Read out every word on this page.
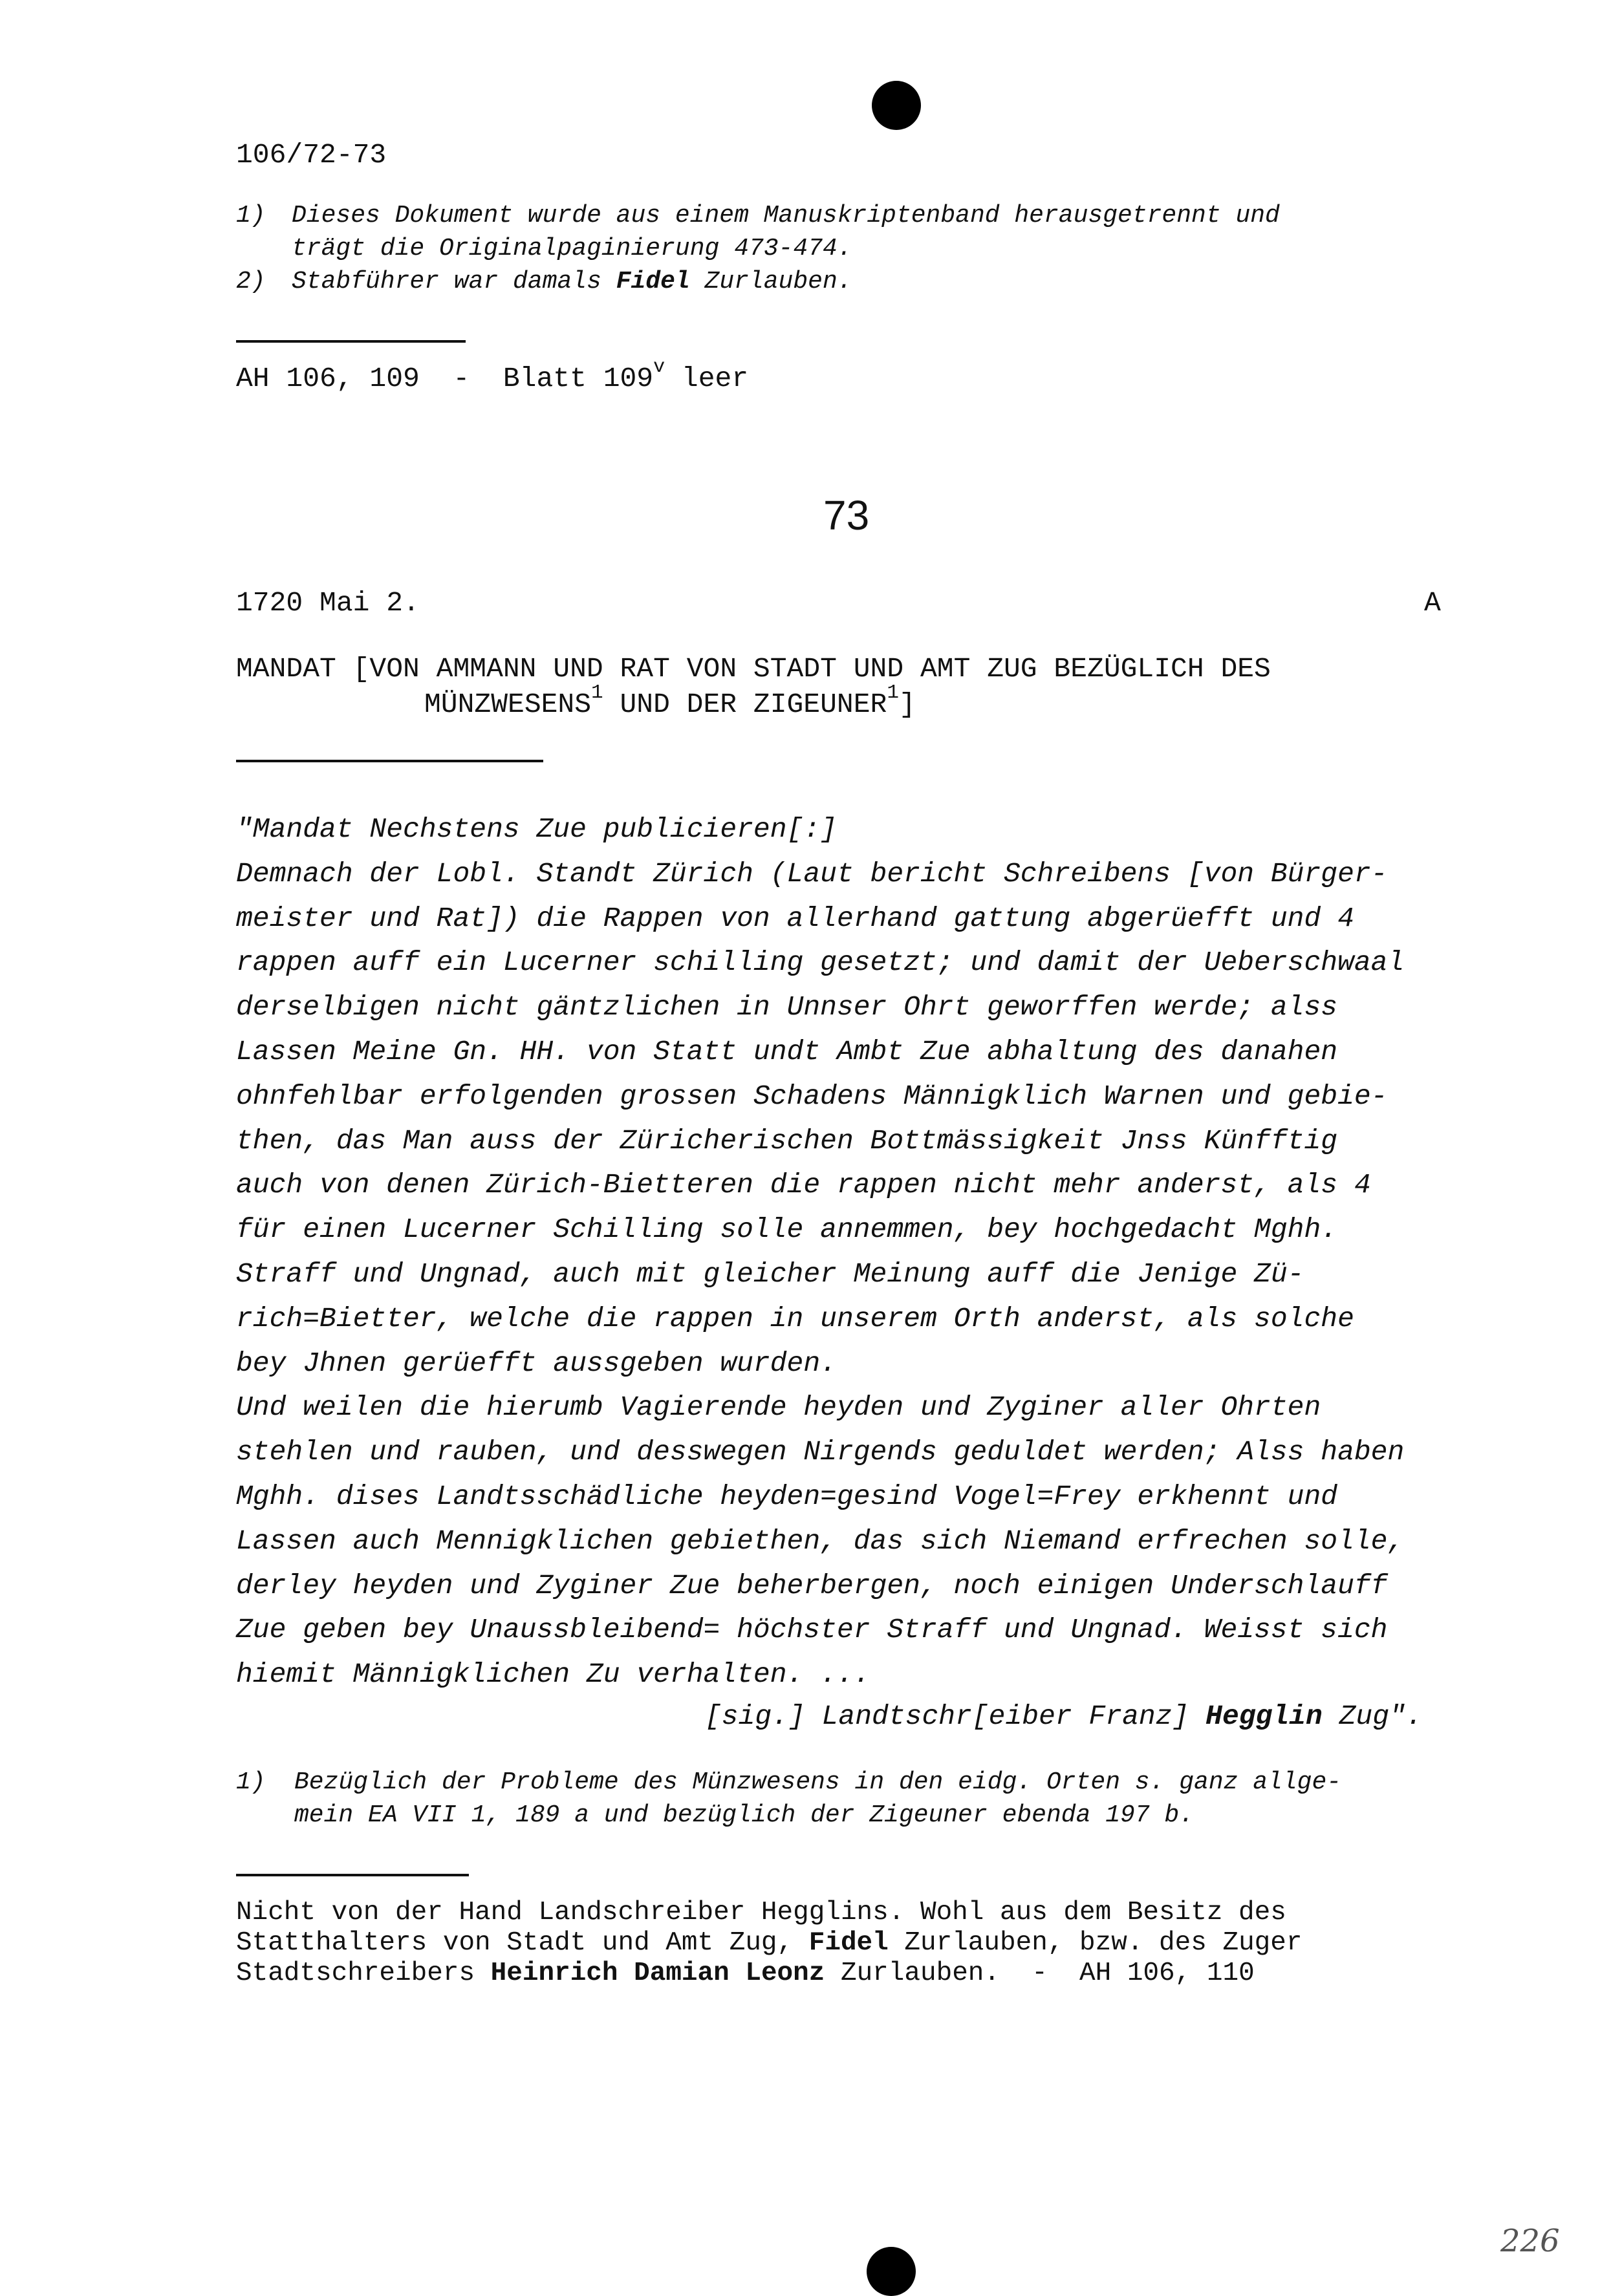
106/72-73
1) Dieses Dokument wurde aus einem Manuskriptenband herausgetrennt und
trägt die Originalpaginierung 473-474.
2) Stabführer war damals Fidel Zurlauben.
AH 106, 109  -  Blatt 109$^v$ leer
73
1720 Mai 2.	A
MANDAT [VON AMMANN UND RAT VON STADT UND AMT ZUG BEZÜGLICH DES
MÜNZWESENS$^1$ UND DER ZIGEUNER$^1$]
"Mandat Nechstens Zue publicieren[:]
Demnach der Lobl. Standt Zürich (Laut bericht Schreibens [von Bürger-
meister und Rat]) die Rappen von allerhand gattung abgerüefft und 4
rappen auff ein Lucerner schilling gesetzt; und damit der Ueberschwaal
derselbigen nicht gäntzlichen in Unnser Ohrt geworffen werde; alss
Lassen Meine Gn. HH. von Statt undt Ambt Zue abhaltung des danahen
ohnfehlbar erfolgenden grossen Schadens Männigklich Warnen und gebie-
then, das Man auss der Züricherischen Bottmässigkeit Jnss Künfftig
auch von denen Zürich-Bietteren die rappen nicht mehr anderst, als 4
für einen Lucerner Schilling solle annemmen, bey hochgedacht Mghh.
Straff und Ungnad, auch mit gleicher Meinung auff die Jenige Zü-
rich=Bietter, welche die rappen in unserem Orth anderst, als solche
bey Jhnen gerüefft aussgeben wurden.
Und weilen die hierumb Vagierende heyden und Zyginer aller Ohrten
stehlen und rauben, und desswegen Nirgends geduldet werden; Alss haben
Mghh. dises Landtsschädliche heyden=gesind Vogel=Frey erkhennt und
Lassen auch Mennigklichen gebiethen, das sich Niemand erfrechen solle,
derley heyden und Zyginer Zue beherbergen, noch einigen Underschlauff
Zue geben bey Unaussbleibend= höchster Straff und Ungnad. Weisst sich
hiemit Männigklichen Zu verhalten. ...
[sig.] Landtschr[eiber Franz] Hegglin Zug".
1) Bezüglich der Probleme des Münzwesens in den eidg. Orten s. ganz allge-
mein EA VII 1, 189 a und bezüglich der Zigeuner ebenda 197 b.
Nicht von der Hand Landschreiber Hegglins. Wohl aus dem Besitz des
Statthalters von Stadt und Amt Zug, Fidel Zurlauben, bzw. des Zuger
Stadtschreibers Heinrich Damian Leonz Zurlauben.  -  AH 106, 110
226
